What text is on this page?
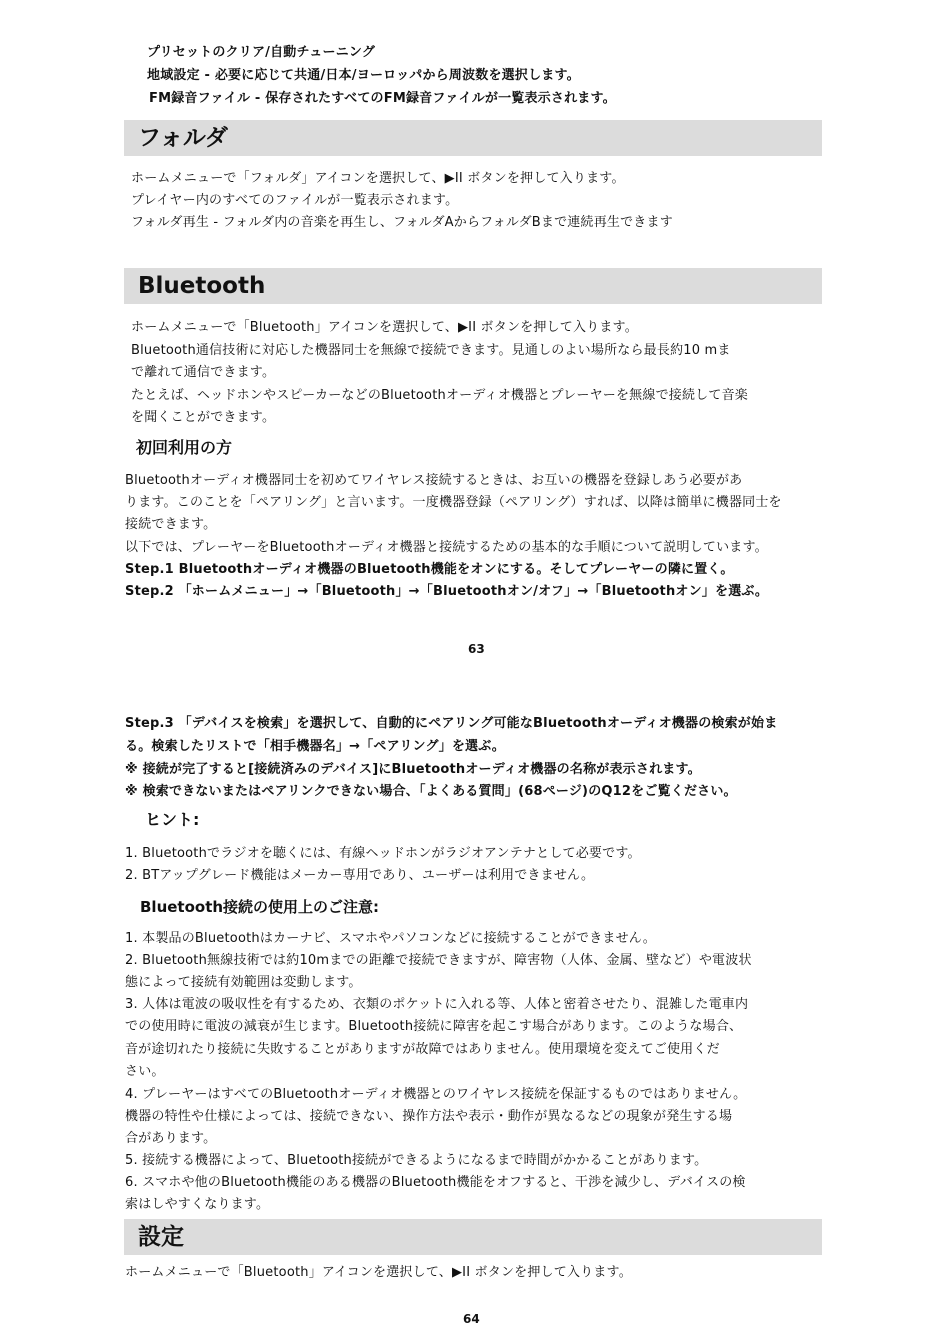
プリセットのクリア/自動チューニング
地域設定 - 必要に応じて共通/日本/ヨーロッパから周波数を選択します。
FM録音ファイル - 保存されたすべてのFM録音ファイルが一覧表示されます。
フォルダ
ホームメニューで「フォルダ」アイコンを選択して、▶II ボタンを押して入ります。
プレイヤー内のすべてのファイルが一覧表示されます。
フォルダ再生 - フォルダ内の音楽を再生し、フォルダAからフォルダBまで連続再生できます
Bluetooth
ホームメニューで「Bluetooth」アイコンを選択して、▶II ボタンを押して入ります。
Bluetooth通信技術に対応した機器同士を無線で接続できます。見通しのよい場所なら最長約10 mま
で離れて通信できます。
たとえば、ヘッドホンやスピーカーなどのBluetoothオーディオ機器とプレーヤーを無線で接続して音楽
を聞くことができます。
初回利用の方
Bluetoothオーディオ機器同士を初めてワイヤレス接続するときは、お互いの機器を登録しあう必要があ
ります。このことを「ペアリング」と言います。一度機器登録（ペアリング）すれば、以降は簡単に機器同士を
接続できます。
以下では、プレーヤーをBluetoothオーディオ機器と接続するための基本的な手順について説明しています。
Step.1 Bluetoothオーディオ機器のBluetooth機能をオンにする。そしてプレーヤーの隣に置く。
Step.2 「ホームメニュー」→「Bluetooth」→「Bluetoothオン/オフ」→「Bluetoothオン」を選ぶ。
63
Step.3 「デバイスを検索」を選択して、自動的にペアリング可能なBluetoothオーディオ機器の検索が始ま
る。検索したリストで「相手機器名」→「ペアリング」を選ぶ。
※ 接続が完了すると[接続済みのデバイス]にBluetoothオーディオ機器の名称が表示されます。
※ 検索できないまたはペアリンクできない場合、「よくある質問」(68ページ)のQ12をご覧ください。
ヒント:
1. Bluetoothでラジオを聴くには、有線ヘッドホンがラジオアンテナとして必要です。
2. BTアップグレード機能はメーカー専用であり、ユーザーは利用できません。
Bluetooth接続の使用上のご注意:
1. 本製品のBluetoothはカーナビ、スマホやパソコンなどに接続することができません。
2. Bluetooth無線技術では約10mまでの距離で接続できますが、障害物（人体、金属、壁など）や電波状
態によって接続有効範囲は変動します。
3. 人体は電波の吸収性を有するため、衣類のポケットに入れる等、人体と密着させたり、混雑した電車内
での使用時に電波の減衰が生じます。Bluetooth接続に障害を起こす場合があります。このような場合、
音が途切れたり接続に失敗することがありますが故障ではありません。使用環境を変えてご使用くだ
さい。
4. プレーヤーはすべてのBluetoothオーディオ機器とのワイヤレス接続を保証するものではありません。
機器の特性や仕様によっては、接続できない、操作方法や表示・動作が異なるなどの現象が発生する場
合があります。
5. 接続する機器によって、Bluetooth接続ができるようになるまで時間がかかることがあります。
6. スマホや他のBluetooth機能のある機器のBluetooth機能をオフすると、干渉を減少し、デバイスの検
索はしやすくなります。
設定
ホームメニューで「Bluetooth」アイコンを選択して、▶II ボタンを押して入ります。
64
